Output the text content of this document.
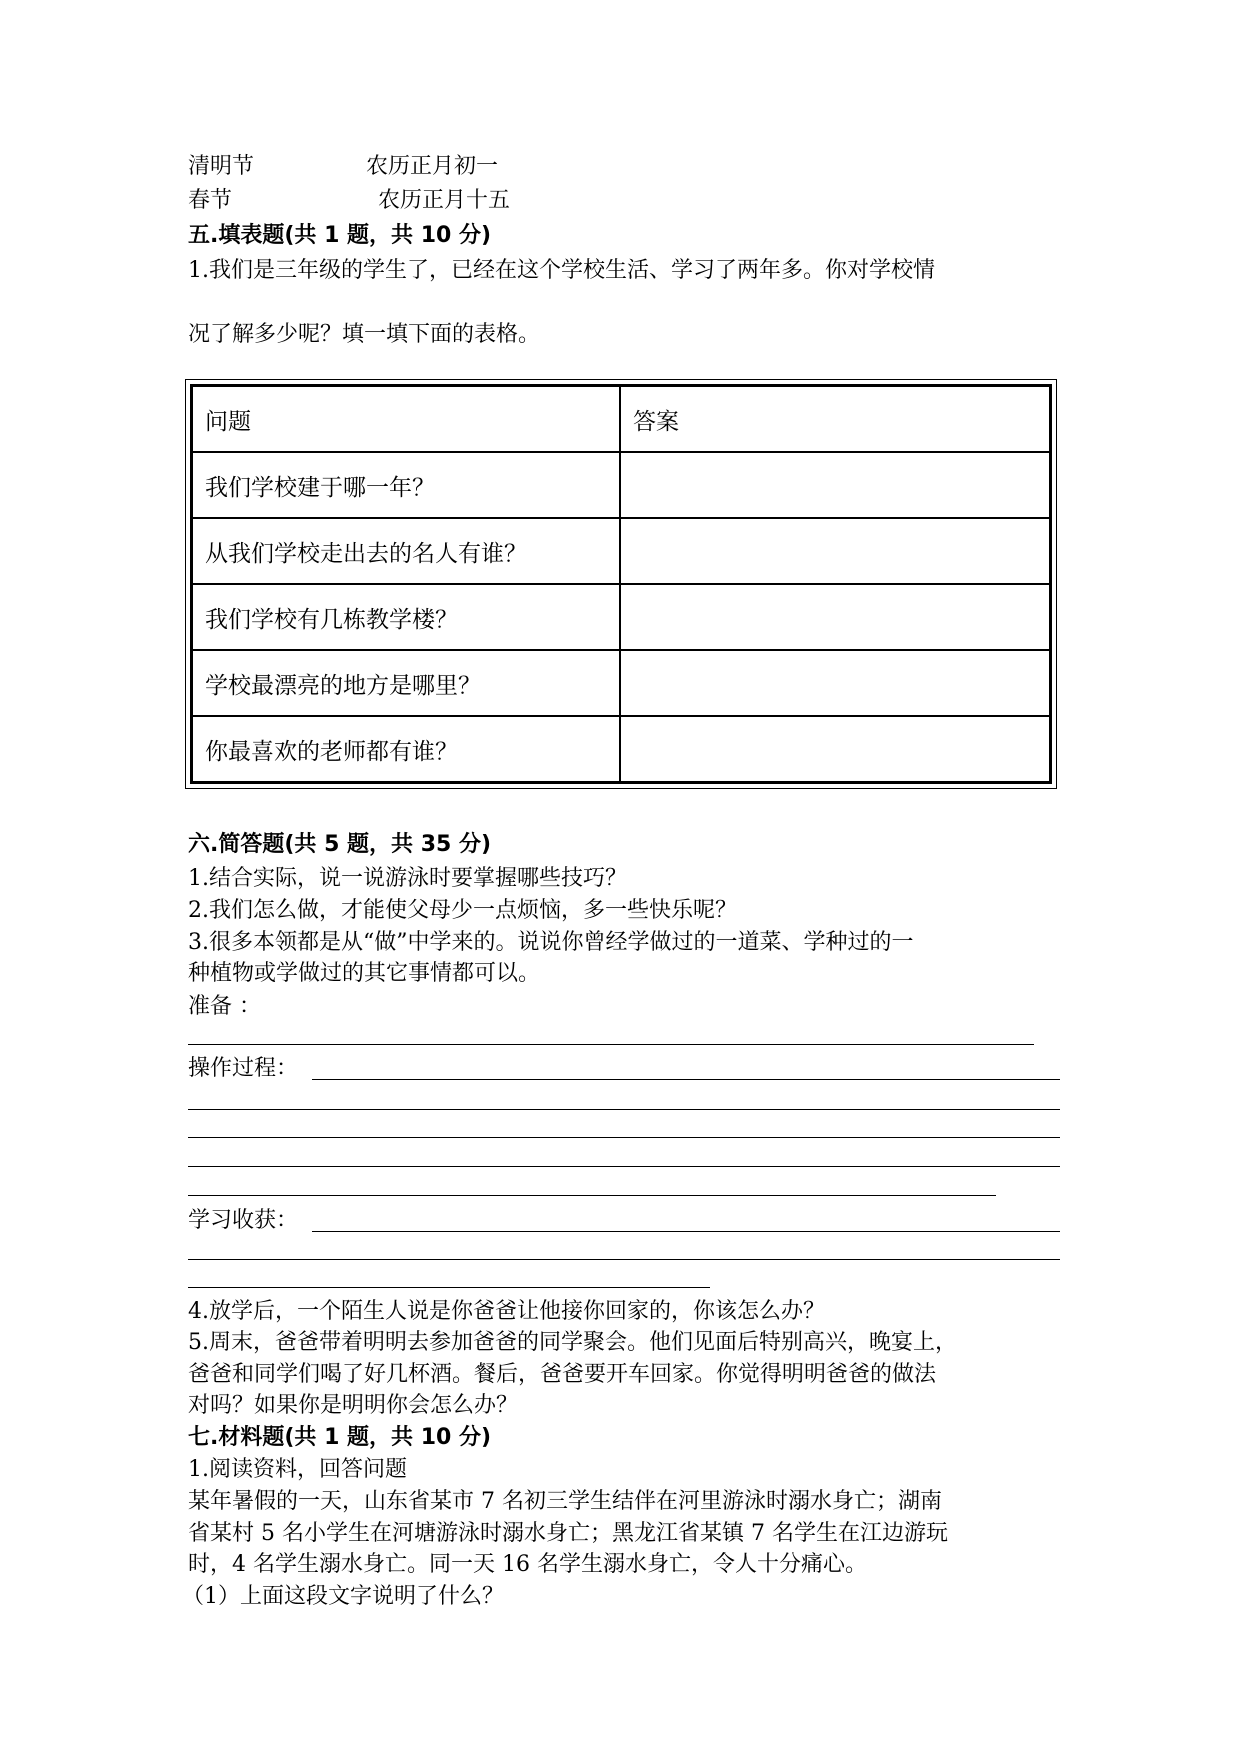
清明节	农历正月初一
春节	农历正月十五
五.填表题(共 1 题，共 10 分)
1.我们是三年级的学生了，已经在这个学校生活、学习了两年多。你对学校情
况了解多少呢？填一填下面的表格。
问题	答案
我们学校建于哪一年？	
从我们学校走出去的名人有谁？	
我们学校有几栋教学楼？	
学校最漂亮的地方是哪里？	
你最喜欢的老师都有谁？	
六.简答题(共 5 题，共 35 分)
1.结合实际，说一说游泳时要掌握哪些技巧？
2.我们怎么做，才能使父母少一点烦恼，多一些快乐呢？
3.很多本领都是从“做”中学来的。说说你曾经学做过的一道菜、学种过的一
种植物或学做过的其它事情都可以。
准备 ：
操作过程：
学习收获：
4.放学后，一个陌生人说是你爸爸让他接你回家的，你该怎么办？
5.周末，爸爸带着明明去参加爸爸的同学聚会。他们见面后特别高兴，晚宴上，
爸爸和同学们喝了好几杯酒。餐后，爸爸要开车回家。你觉得明明爸爸的做法
对吗？如果你是明明你会怎么办？
七.材料题(共 1 题，共 10 分)
1.阅读资料，回答问题
某年暑假的一天，山东省某市 7 名初三学生结伴在河里游泳时溺水身亡；湖南
省某村 5 名小学生在河塘游泳时溺水身亡；黑龙江省某镇 7 名学生在江边游玩
时，4 名学生溺水身亡。同一天 16 名学生溺水身亡，令人十分痛心。
（1）上面这段文字说明了什么？
